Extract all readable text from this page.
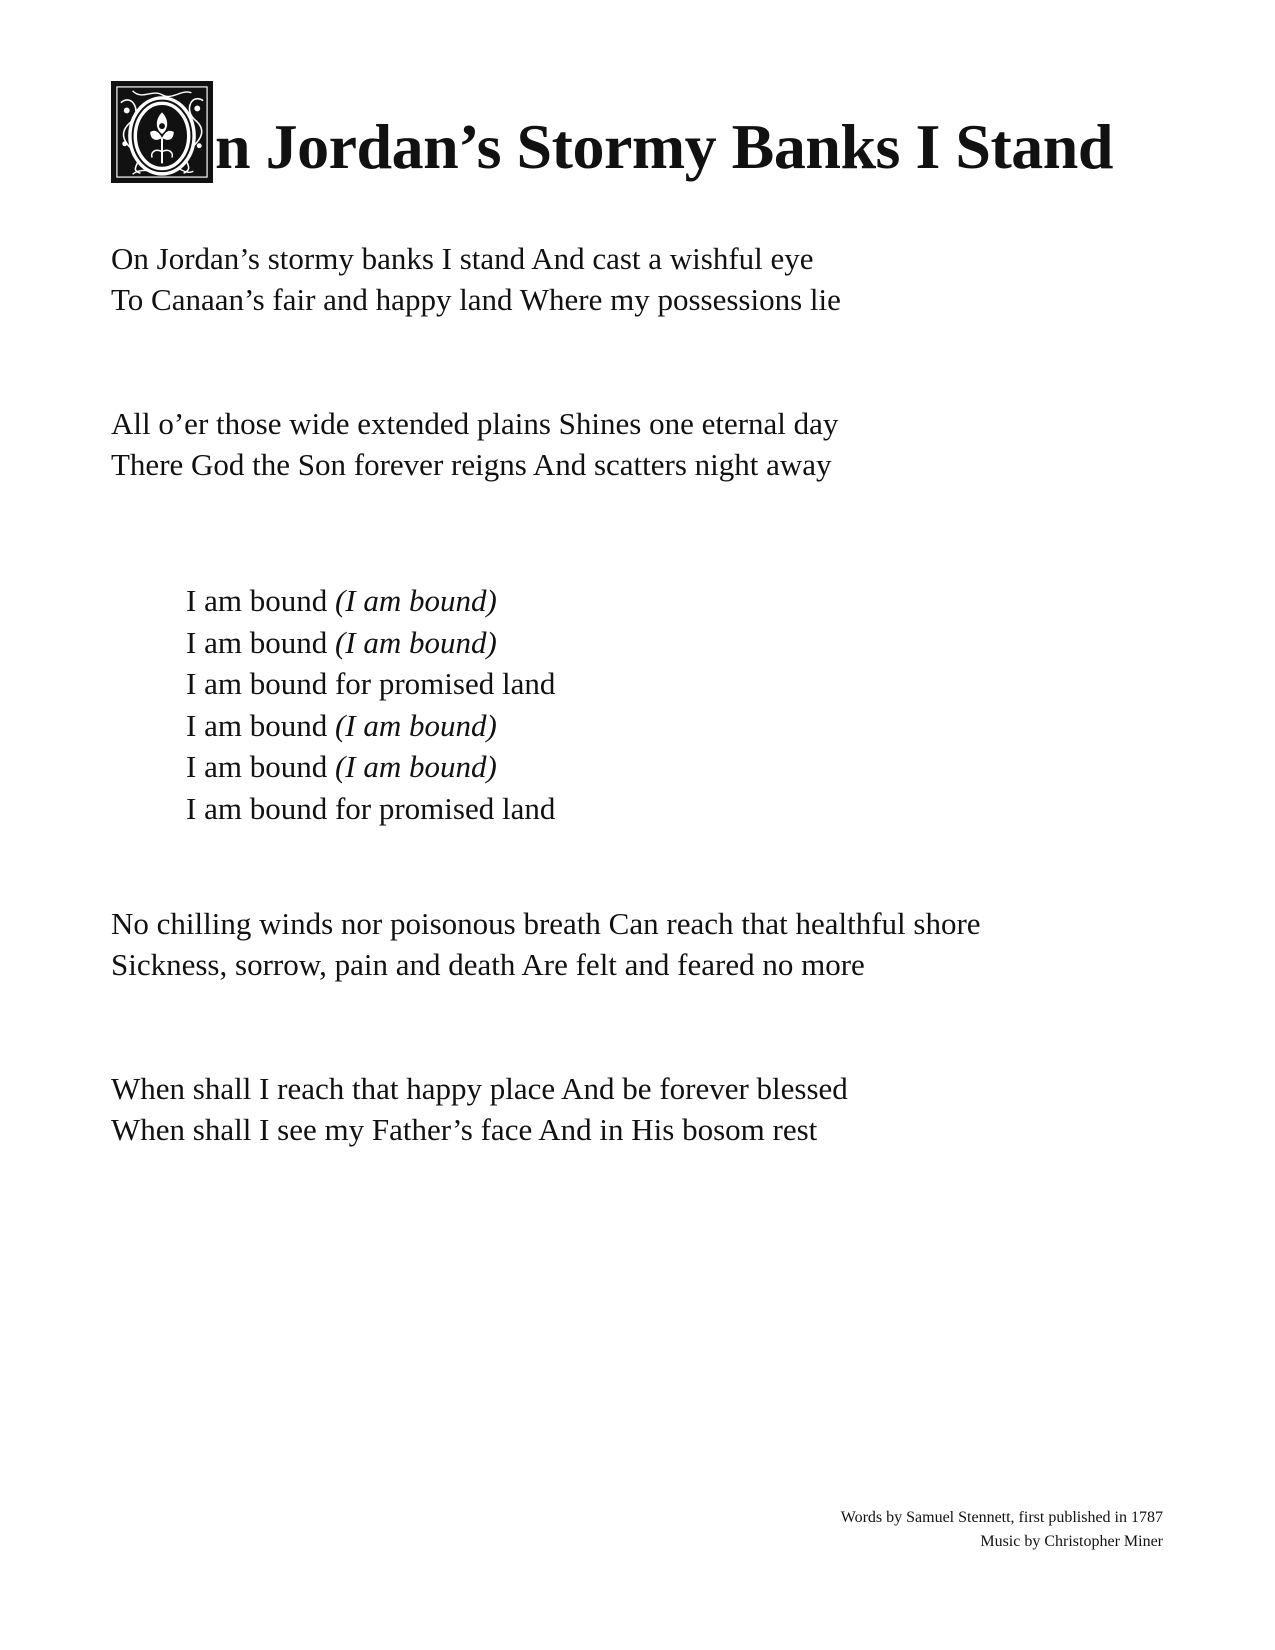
n Jordan’s Stormy Banks I Stand
On Jordan’s stormy banks I stand And cast a wishful eye
To Canaan’s fair and happy land Where my possessions lie
All o’er those wide extended plains Shines one eternal day
There God the Son forever reigns And scatters night away
I am bound (I am bound)
I am bound (I am bound)
I am bound for promised land
I am bound (I am bound)
I am bound (I am bound)
I am bound for promised land
No chilling winds nor poisonous breath Can reach that healthful shore
Sickness, sorrow, pain and death Are felt and feared no more
When shall I reach that happy place And be forever blessed
When shall I see my Father’s face And in His bosom rest
Words by Samuel Stennett, first published in 1787
Music by Christopher Miner
